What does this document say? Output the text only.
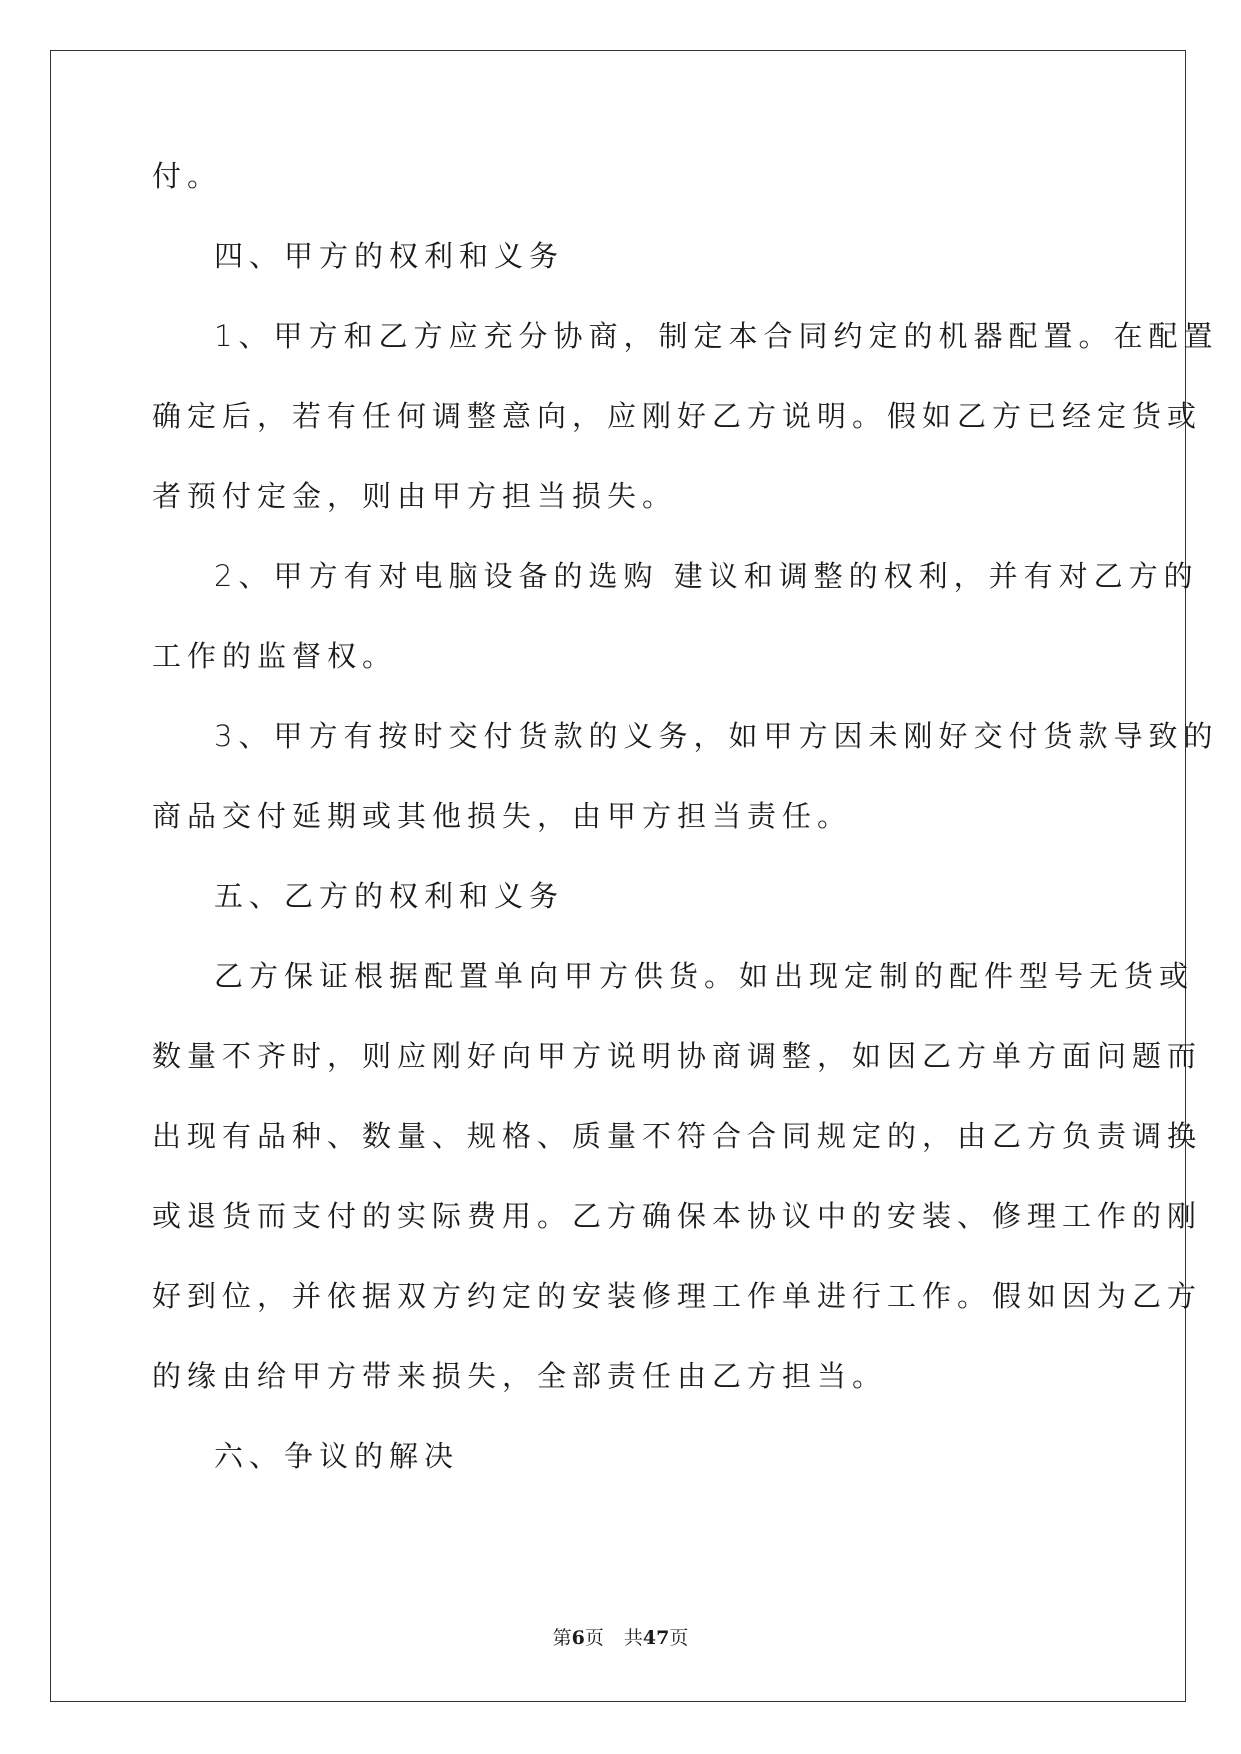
付。
四、甲方的权利和义务
1、甲方和乙方应充分协商，制定本合同约定的机器配置。在配置
确定后，若有任何调整意向，应刚好乙方说明。假如乙方已经定货或
者预付定金，则由甲方担当损失。
2、甲方有对电脑设备的选购 建议和调整的权利，并有对乙方的
工作的监督权。
3、甲方有按时交付货款的义务，如甲方因未刚好交付货款导致的
商品交付延期或其他损失，由甲方担当责任。
五、乙方的权利和义务
乙方保证根据配置单向甲方供货。如出现定制的配件型号无货或
数量不齐时，则应刚好向甲方说明协商调整，如因乙方单方面问题而
出现有品种、数量、规格、质量不符合合同规定的，由乙方负责调换
或退货而支付的实际费用。乙方确保本协议中的安装、修理工作的刚
好到位，并依据双方约定的安装修理工作单进行工作。假如因为乙方
的缘由给甲方带来损失，全部责任由乙方担当。
六、争议的解决
第6页 共47页
